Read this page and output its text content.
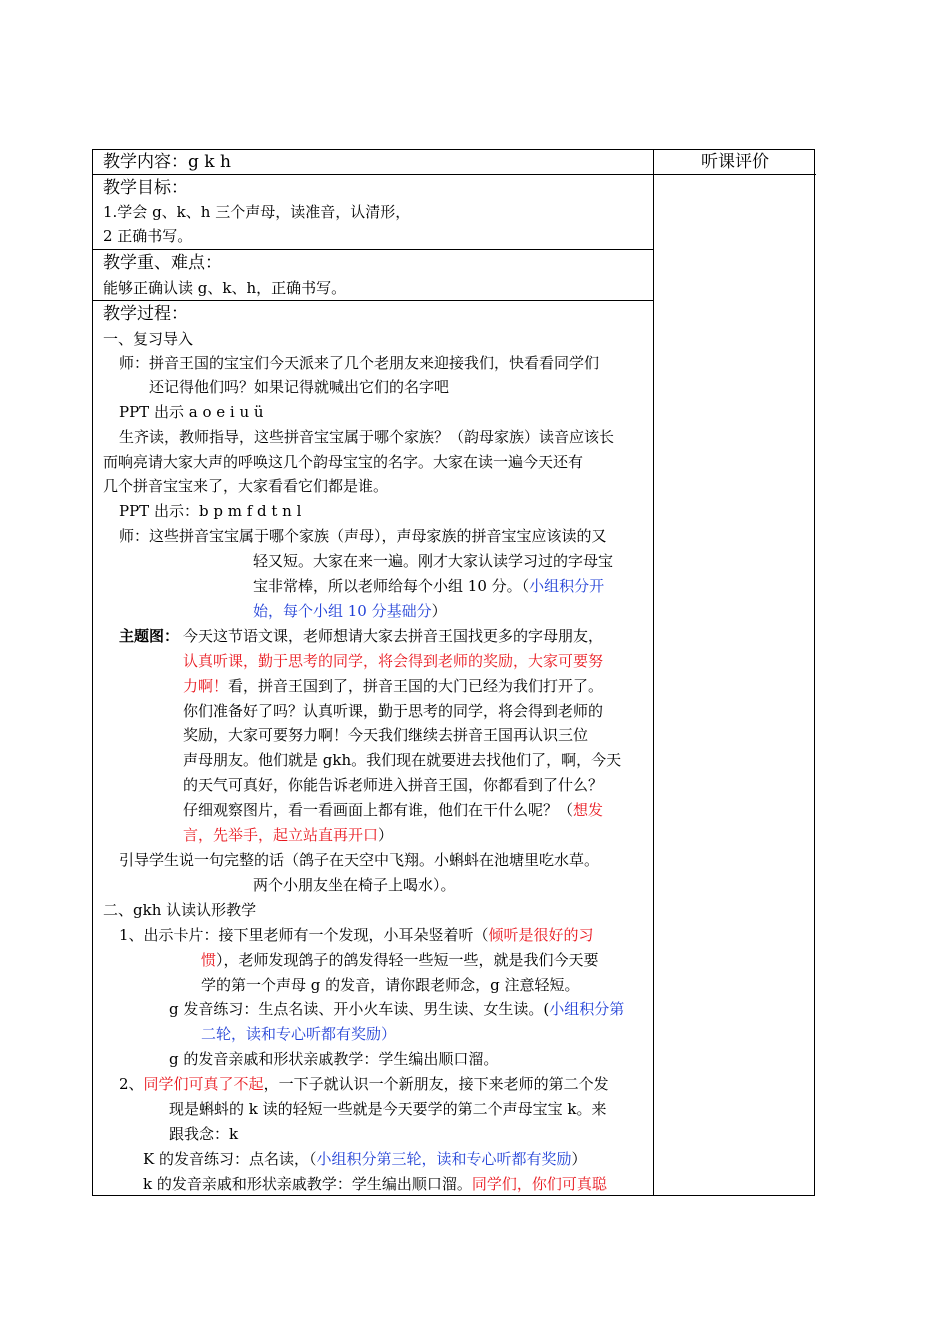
教学内容：g k h	听课评价
教学目标：
1.学会 g、k、h 三个声母，读准音，认清形，
2 正确书写。
教学重、难点：
能够正确认读 g、k、h，正确书写。
教学过程：
一、复习导入
师：拼音王国的宝宝们今天派来了几个老朋友来迎接我们，快看看同学们
还记得他们吗？如果记得就喊出它们的名字吧
PPT 出示 a o e i u ü
生齐读，教师指导，这些拼音宝宝属于哪个家族？（韵母家族）读音应该长
而响亮请大家大声的呼唤这几个韵母宝宝的名字。大家在读一遍今天还有
几个拼音宝宝来了，大家看看它们都是谁。
PPT 出示：b p m f d t n l
师：这些拼音宝宝属于哪个家族（声母），声母家族的拼音宝宝应该读的又
轻又短。大家在来一遍。刚才大家认读学习过的字母宝
宝非常棒，所以老师给每个小组 10 分。（小组积分开
始，每个小组 10 分基础分）
主题图： 今天这节语文课，老师想请大家去拼音王国找更多的字母朋友，
认真听课，勤于思考的同学，将会得到老师的奖励，大家可要努
力啊！看，拼音王国到了，拼音王国的大门已经为我们打开了。
你们准备好了吗？认真听课，勤于思考的同学，将会得到老师的
奖励，大家可要努力啊！今天我们继续去拼音王国再认识三位
声母朋友。他们就是 gkh。我们现在就要进去找他们了，啊，今天
的天气可真好，你能告诉老师进入拼音王国，你都看到了什么？
仔细观察图片，看一看画面上都有谁，他们在干什么呢？（想发
言，先举手，起立站直再开口）
引导学生说一句完整的话（鸽子在天空中飞翔。小蝌蚪在池塘里吃水草。
两个小朋友坐在椅子上喝水）。
二、gkh 认读认形教学
1、出示卡片：接下里老师有一个发现，小耳朵竖着听（倾听是很好的习
惯），老师发现鸽子的鸽发得轻一些短一些，就是我们今天要
学的第一个声母 g 的发音，请你跟老师念，g 注意轻短。
g 发音练习：生点名读、开小火车读、男生读、女生读。(小组积分第
二轮，读和专心听都有奖励）
g 的发音亲戚和形状亲戚教学：学生编出顺口溜。
2、同学们可真了不起，一下子就认识一个新朋友，接下来老师的第二个发
现是蝌蚪的 k 读的轻短一些就是今天要学的第二个声母宝宝 k。来
跟我念：k
K 的发音练习：点名读，（小组积分第三轮，读和专心听都有奖励）
k 的发音亲戚和形状亲戚教学：学生编出顺口溜。同学们，你们可真聪
